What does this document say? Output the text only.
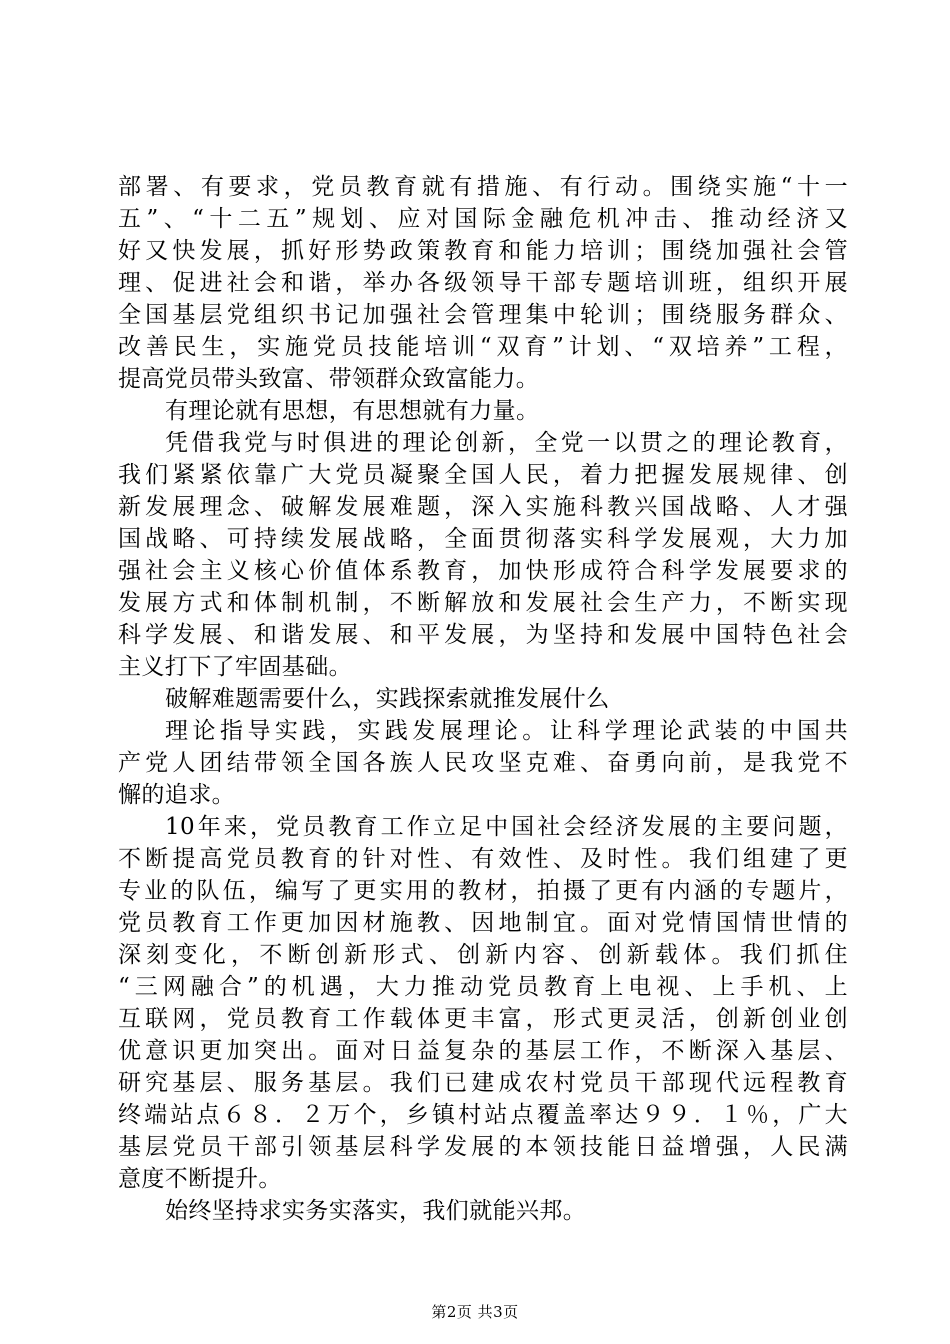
部署、有要求，党员教育就有措施、有行动。围绕实施“十一
五”、“十二五”规划、应对国际金融危机冲击、推动经济又
好又快发展，抓好形势政策教育和能力培训；围绕加强社会管
理、促进社会和谐，举办各级领导干部专题培训班，组织开展
全国基层党组织书记加强社会管理集中轮训；围绕服务群众、
改善民生，实施党员技能培训“双育”计划、“双培养”工程，
提高党员带头致富、带领群众致富能力。
有理论就有思想，有思想就有力量。
凭借我党与时俱进的理论创新，全党一以贯之的理论教育，
我们紧紧依靠广大党员凝聚全国人民，着力把握发展规律、创
新发展理念、破解发展难题，深入实施科教兴国战略、人才强
国战略、可持续发展战略，全面贯彻落实科学发展观，大力加
强社会主义核心价值体系教育，加快形成符合科学发展要求的
发展方式和体制机制，不断解放和发展社会生产力，不断实现
科学发展、和谐发展、和平发展，为坚持和发展中国特色社会
主义打下了牢固基础。
破解难题需要什么，实践探索就推发展什么
理论指导实践，实践发展理论。让科学理论武装的中国共
产党人团结带领全国各族人民攻坚克难、奋勇向前，是我党不
懈的追求。
10年来，党员教育工作立足中国社会经济发展的主要问题，
不断提高党员教育的针对性、有效性、及时性。我们组建了更
专业的队伍，编写了更实用的教材，拍摄了更有内涵的专题片，
党员教育工作更加因材施教、因地制宜。面对党情国情世情的
深刻变化，不断创新形式、创新内容、创新载体。我们抓住
“三网融合”的机遇，大力推动党员教育上电视、上手机、上
互联网，党员教育工作载体更丰富，形式更灵活，创新创业创
优意识更加突出。面对日益复杂的基层工作，不断深入基层、
研究基层、服务基层。我们已建成农村党员干部现代远程教育
终端站点６８．２万个，乡镇村站点覆盖率达９９．１％，广大
基层党员干部引领基层科学发展的本领技能日益增强，人民满
意度不断提升。
始终坚持求实务实落实，我们就能兴邦。
第2页 共3页
